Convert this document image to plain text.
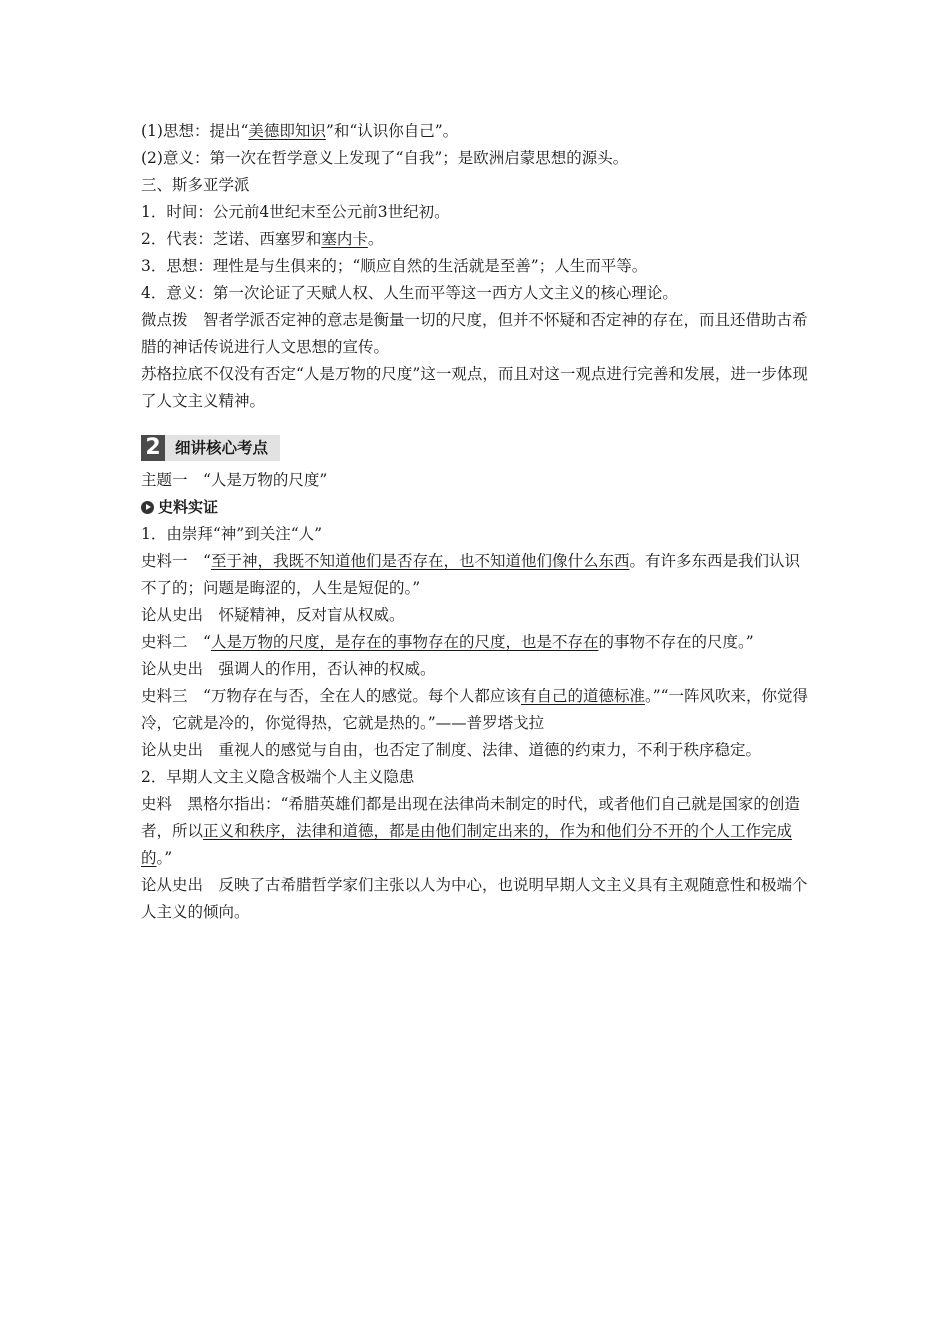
(1)思想：提出“美德即知识”和“认识你自己”。

(2)意义：第一次在哲学意义上发现了“自我”；是欧洲启蒙思想的源头。

三、斯多亚学派

1．时间：公元前4世纪末至公元前3世纪初。

2．代表：芝诺、西塞罗和塞内卡。

3．思想：理性是与生俱来的；“顺应自然的生活就是至善”；人生而平等。

4．意义：第一次论证了天赋人权、人生而平等这一西方人文主义的核心理论。

微点拨　智者学派否定神的意志是衡量一切的尺度，但并不怀疑和否定神的存在，而且还借助古希腊的神话传说进行人文思想的宣传。

苏格拉底不仅没有否定“人是万物的尺度”这一观点，而且对这一观点进行完善和发展，进一步体现了人文主义精神。

2 细讲核心考点

主题一　“人是万物的尺度”

史料实证

1．由崇拜“神”到关注“人”

史料一　“至于神，我既不知道他们是否存在，也不知道他们像什么东西。有许多东西是我们认识不了的；问题是晦涩的，人生是短促的。”

论从史出　怀疑精神，反对盲从权威。

史料二　“人是万物的尺度，是存在的事物存在的尺度，也是不存在的事物不存在的尺度。”

论从史出　强调人的作用，否认神的权威。

史料三　“万物存在与否，全在人的感觉。每个人都应该有自己的道德标准。”“一阵风吹来，你觉得冷，它就是冷的，你觉得热，它就是热的。”——普罗塔戈拉

论从史出　重视人的感觉与自由，也否定了制度、法律、道德的约束力，不利于秩序稳定。

2．早期人文主义隐含极端个人主义隐患

史料　黑格尔指出：“希腊英雄们都是出现在法律尚未制定的时代，或者他们自己就是国家的创造者，所以正义和秩序，法律和道德，都是由他们制定出来的，作为和他们分不开的个人工作完成的。”

论从史出　反映了古希腊哲学家们主张以人为中心，也说明早期人文主义具有主观随意性和极端个人主义的倾向。
